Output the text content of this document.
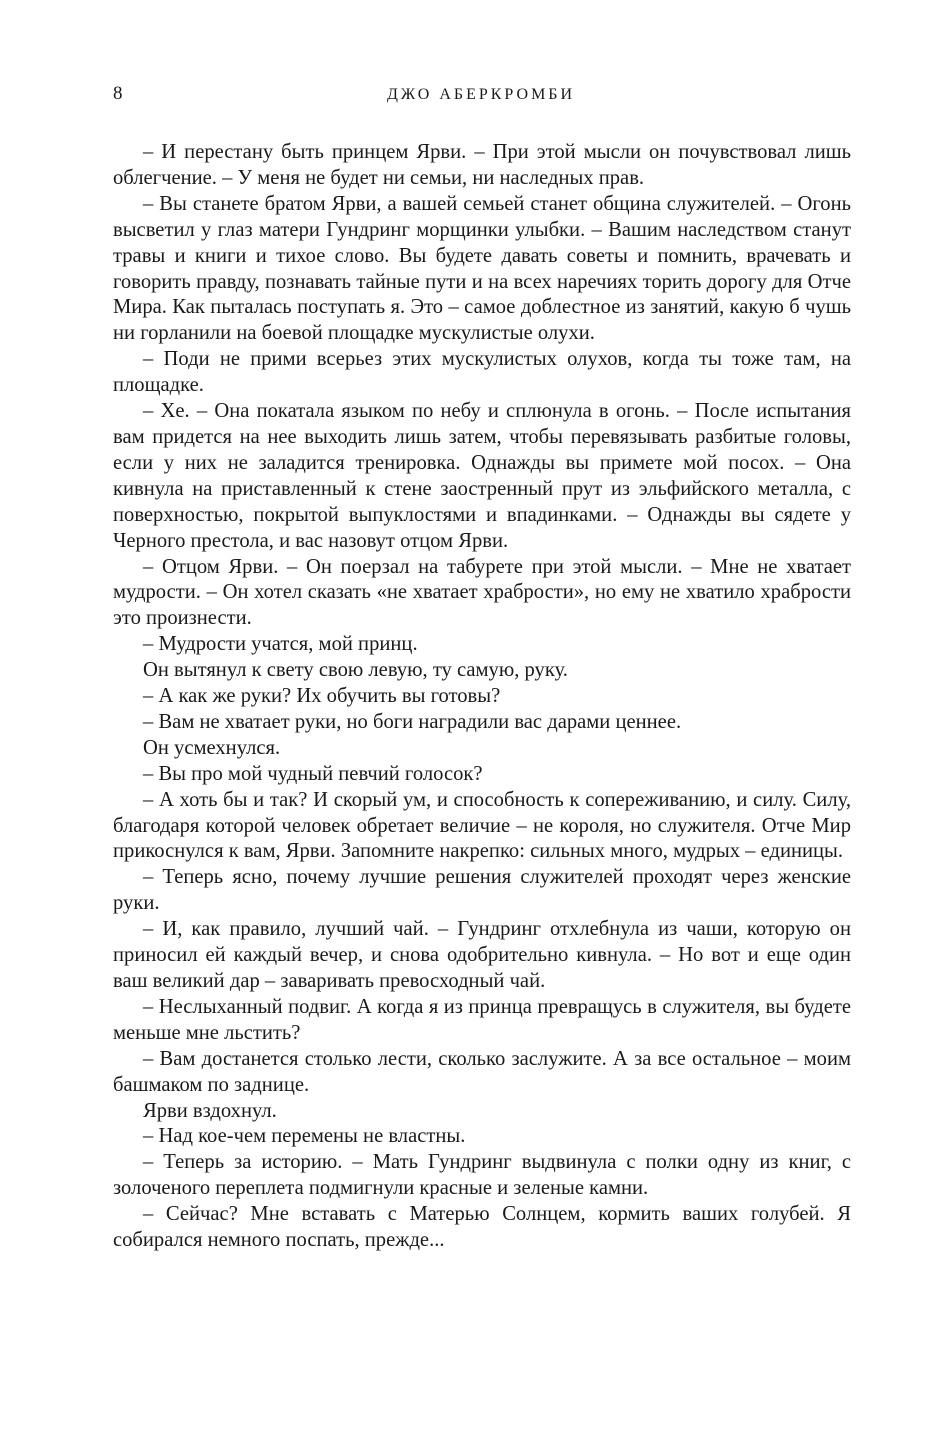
8	ДЖО АБЕРКРОМБИ

– И перестану быть принцем Ярви. – При этой мысли он почувствовал лишь облегчение. – У меня не будет ни семьи, ни наследных прав.

– Вы станете братом Ярви, а вашей семьей станет община служителей. – Огонь высветил у глаз матери Гундринг морщинки улыбки. – Вашим наследством станут травы и книги и тихое слово. Вы будете давать советы и помнить, врачевать и говорить правду, познавать тайные пути и на всех наречиях торить дорогу для Отче Мира. Как пыталась поступать я. Это – самое доблестное из занятий, какую б чушь ни горланили на боевой площадке мускулистые олухи.

– Поди не прими всерьез этих мускулистых олухов, когда ты тоже там, на площадке.

– Хе. – Она покатала языком по небу и сплюнула в огонь. – После испытания вам придется на нее выходить лишь затем, чтобы перевязывать разбитые головы, если у них не заладится тренировка. Однажды вы примете мой посох. – Она кивнула на приставленный к стене заостренный прут из эльфийского металла, с поверхностью, покрытой выпуклостями и впадинками. – Однажды вы сядете у Черного престола, и вас назовут отцом Ярви.

– Отцом Ярви. – Он поерзал на табурете при этой мысли. – Мне не хватает мудрости. – Он хотел сказать «не хватает храбрости», но ему не хватило храбрости это произнести.

– Мудрости учатся, мой принц.

Он вытянул к свету свою левую, ту самую, руку.

– А как же руки? Их обучить вы готовы?

– Вам не хватает руки, но боги наградили вас дарами ценнее.

Он усмехнулся.

– Вы про мой чудный певчий голосок?

– А хоть бы и так? И скорый ум, и способность к сопереживанию, и силу. Силу, благодаря которой человек обретает величие – не короля, но служителя. Отче Мир прикоснулся к вам, Ярви. Запомните накрепко: сильных много, мудрых – единицы.

– Теперь ясно, почему лучшие решения служителей проходят через женские руки.

– И, как правило, лучший чай. – Гундринг отхлебнула из чаши, которую он приносил ей каждый вечер, и снова одобрительно кивнула. – Но вот и еще один ваш великий дар – заваривать превосходный чай.

– Неслыханный подвиг. А когда я из принца превращусь в служителя, вы будете меньше мне льстить?

– Вам достанется столько лести, сколько заслужите. А за все остальное – моим башмаком по заднице.

Ярви вздохнул.

– Над кое-чем перемены не властны.

– Теперь за историю. – Мать Гундринг выдвинула с полки одну из книг, с золоченого переплета подмигнули красные и зеленые камни.

– Сейчас? Мне вставать с Матерью Солнцем, кормить ваших голубей. Я собирался немного поспать, прежде...
